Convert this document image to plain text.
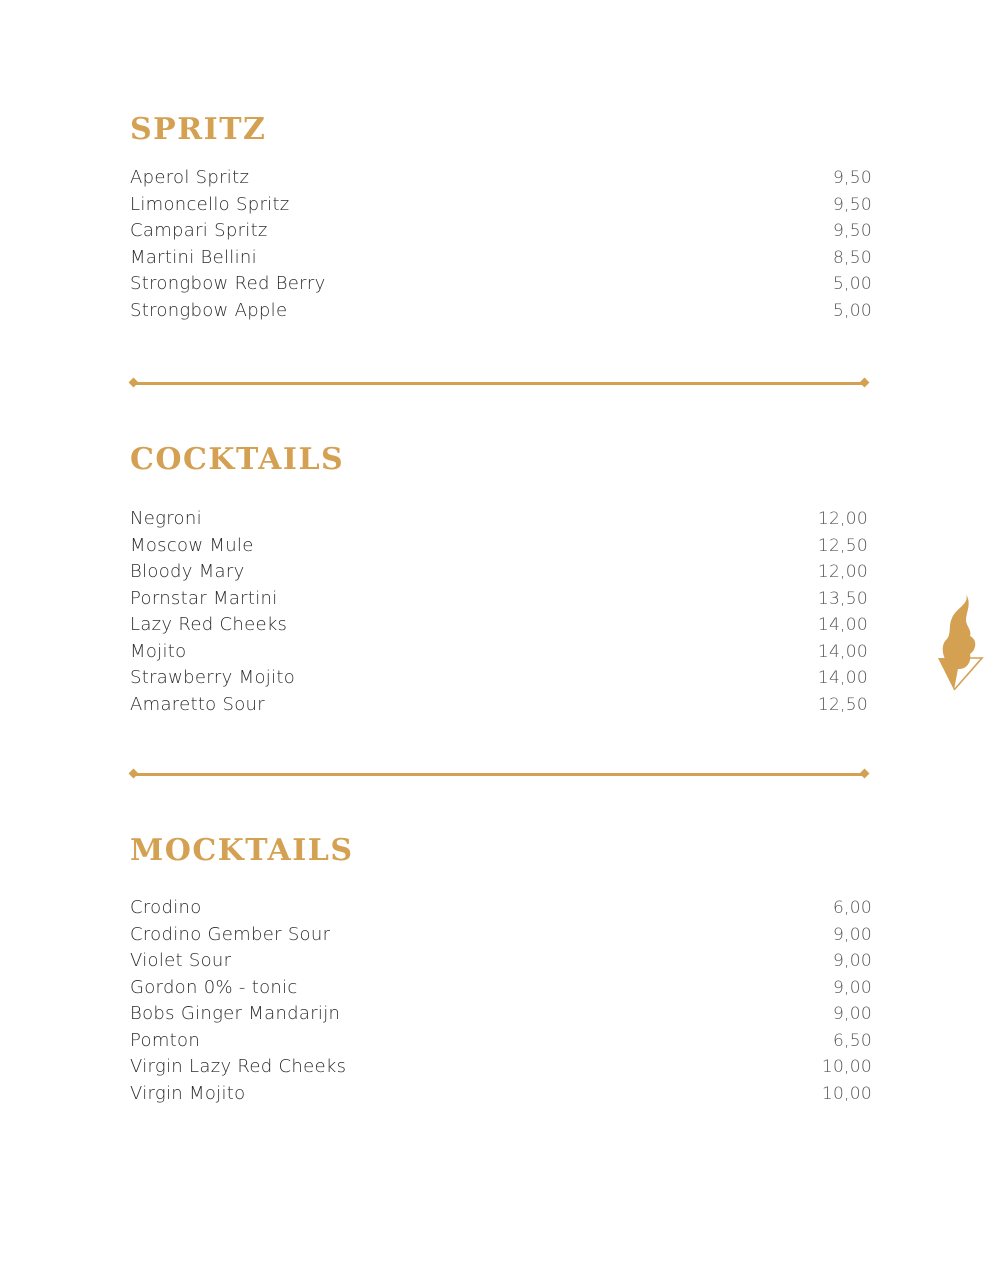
SPRITZ
Aperol Spritz	9,50
Limoncello Spritz	9,50
Campari Spritz	9,50
Martini Bellini	8,50
Strongbow Red Berry	5,00
Strongbow Apple	5,00
COCKTAILS
Negroni	12,00
Moscow Mule	12,50
Bloody Mary	12,00
Pornstar Martini	13,50
Lazy Red Cheeks	14,00
Mojito	14,00
Strawberry Mojito	14,00
Amaretto Sour	12,50
MOCKTAILS
Crodino	6,00
Crodino Gember Sour	9,00
Violet Sour	9,00
Gordon 0% - tonic	9,00
Bobs Ginger Mandarijn	9,00
Pomton	6,50
Virgin Lazy Red Cheeks	10,00
Virgin Mojito	10,00
